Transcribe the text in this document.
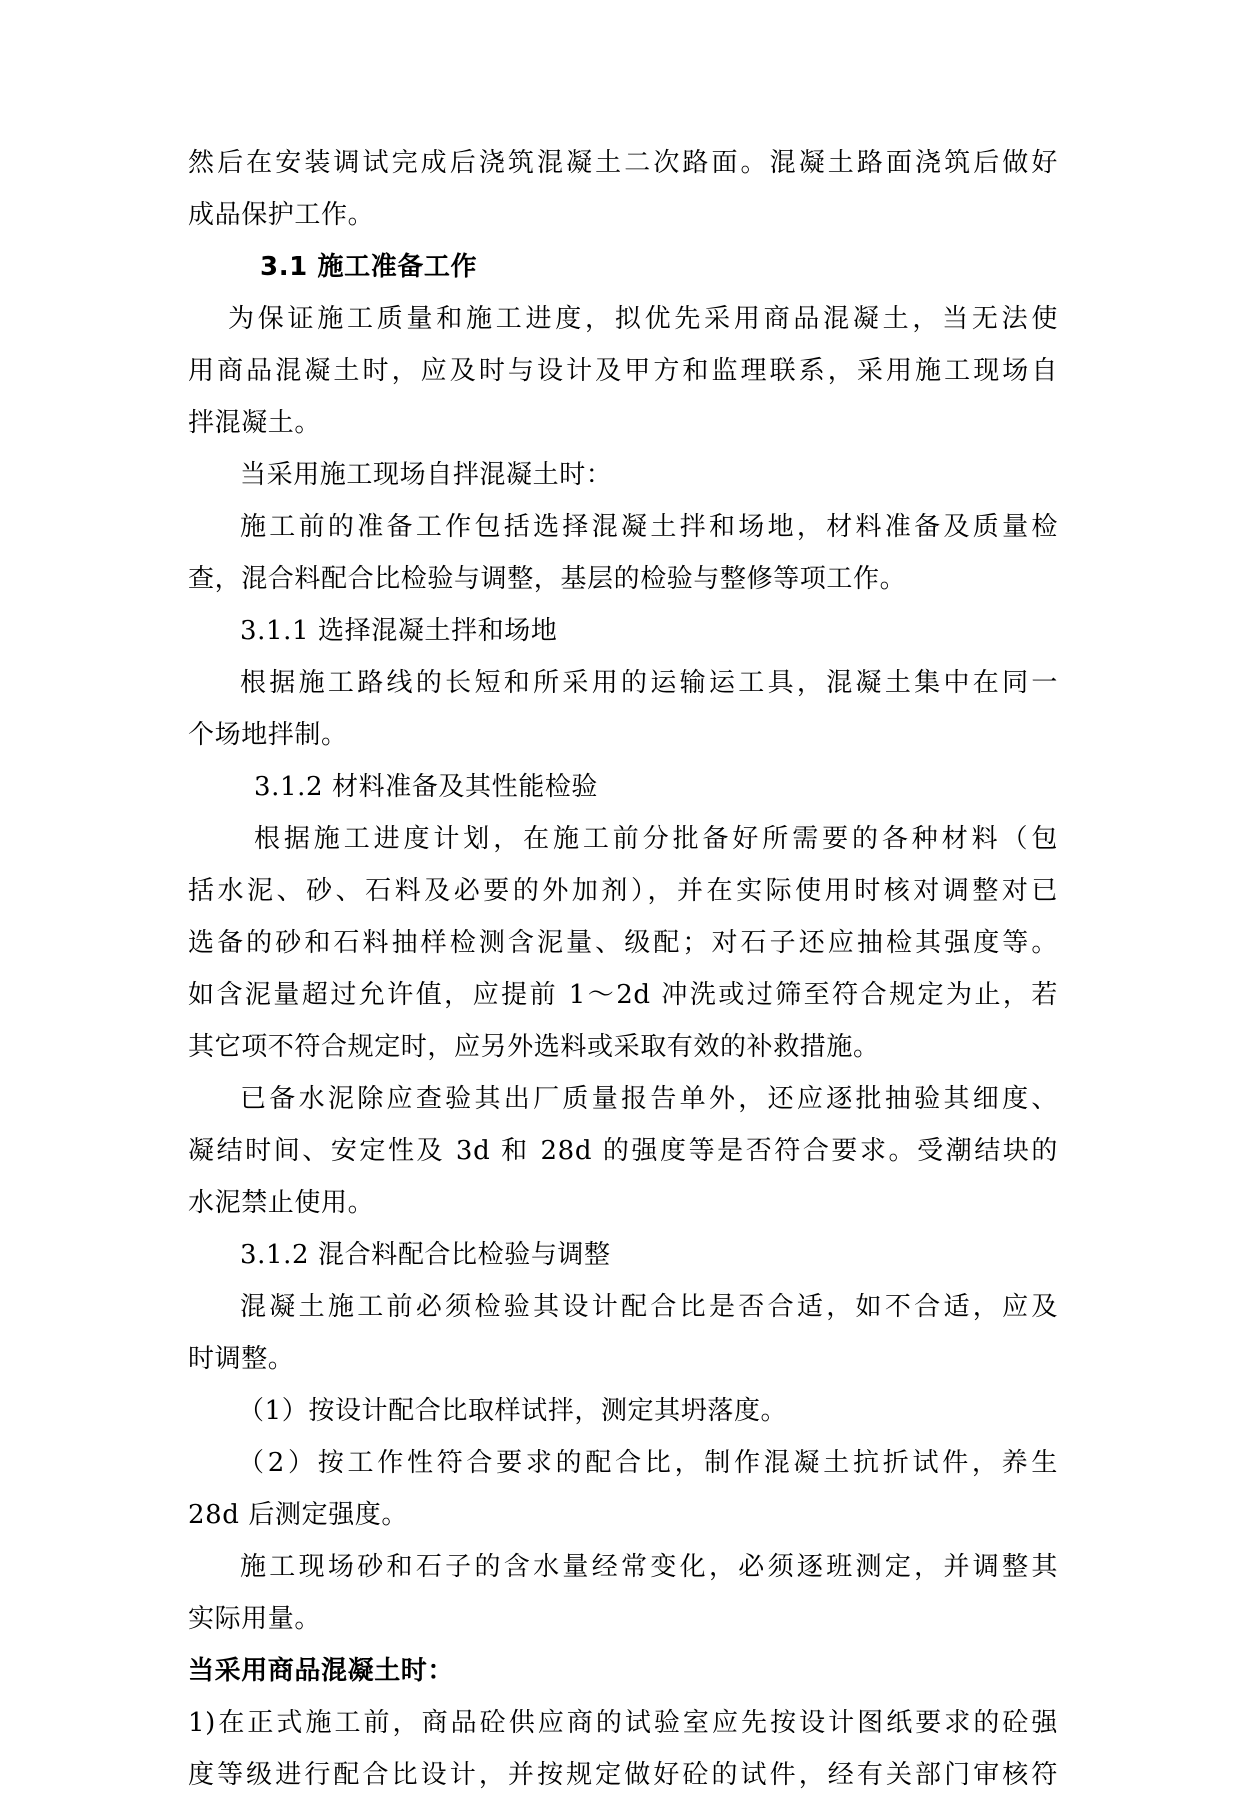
然后在安装调试完成后浇筑混凝土二次路面。混凝土路面浇筑后做好
成品保护工作。
3.1 施工准备工作
为保证施工质量和施工进度，拟优先采用商品混凝土，当无法使
用商品混凝土时，应及时与设计及甲方和监理联系，采用施工现场自
拌混凝土。
当采用施工现场自拌混凝土时：
施工前的准备工作包括选择混凝土拌和场地，材料准备及质量检
查，混合料配合比检验与调整，基层的检验与整修等项工作。
3.1.1 选择混凝土拌和场地
根据施工路线的长短和所采用的运输运工具，混凝土集中在同一
个场地拌制。
3.1.2 材料准备及其性能检验
根据施工进度计划，在施工前分批备好所需要的各种材料（包
括水泥、砂、石料及必要的外加剂），并在实际使用时核对调整对已
选备的砂和石料抽样检测含泥量、级配；对石子还应抽检其强度等。
如含泥量超过允许值，应提前 1～2d 冲洗或过筛至符合规定为止，若
其它项不符合规定时，应另外选料或采取有效的补救措施。
已备水泥除应查验其出厂质量报告单外，还应逐批抽验其细度、
凝结时间、安定性及 3d 和 28d 的强度等是否符合要求。受潮结块的
水泥禁止使用。
3.1.2 混合料配合比检验与调整
混凝土施工前必须检验其设计配合比是否合适，如不合适，应及
时调整。
（1）按设计配合比取样试拌，测定其坍落度。
（2）按工作性符合要求的配合比，制作混凝土抗折试件，养生
28d 后测定强度。
施工现场砂和石子的含水量经常变化，必须逐班测定，并调整其
实际用量。
当采用商品混凝土时：
1)在正式施工前，商品砼供应商的试验室应先按设计图纸要求的砼强
度等级进行配合比设计，并按规定做好砼的试件，经有关部门审核符
